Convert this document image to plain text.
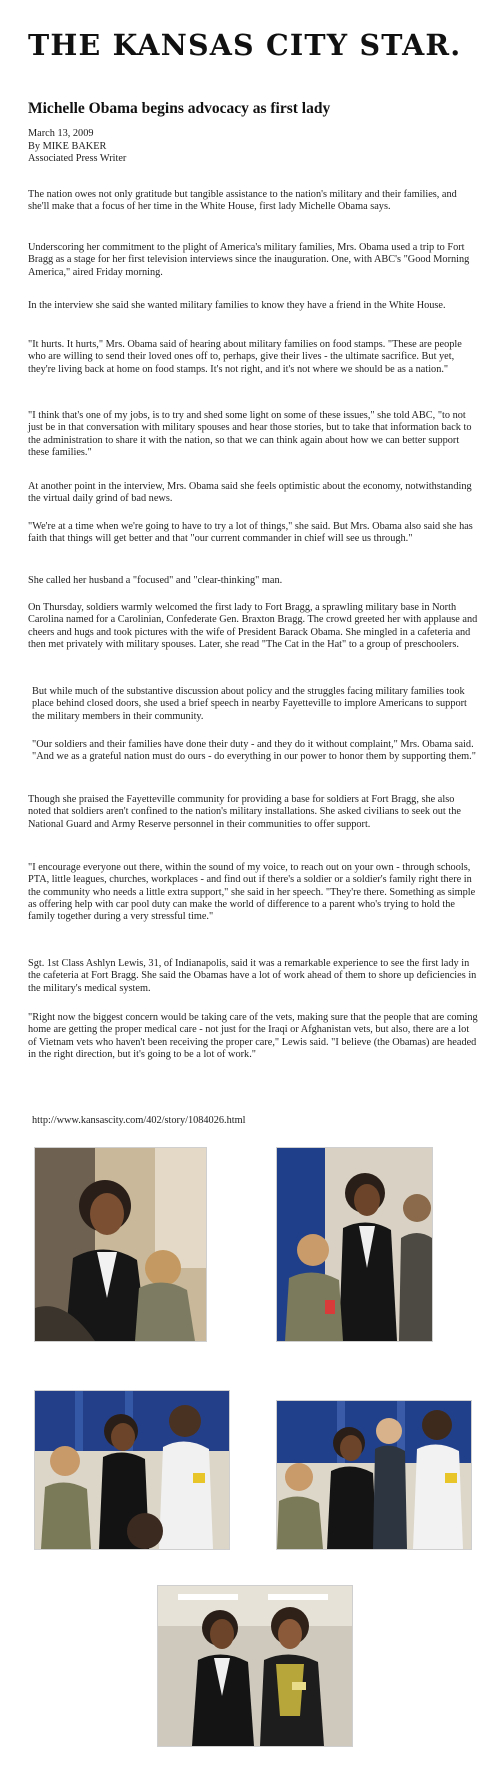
THE KANSAS CITY STAR.
Michelle Obama begins advocacy as first lady
March 13, 2009
By MIKE BAKER
Associated Press Writer

The nation owes not only gratitude but tangible assistance to the nation's military and their families, and she'll make that a focus of her time in the White House, first lady Michelle Obama says.

Underscoring her commitment to the plight of America's military families, Mrs. Obama used a trip to Fort Bragg as a stage for her first television interviews since the inauguration. One, with ABC's "Good Morning America," aired Friday morning.

In the interview she said she wanted military families to know they have a friend in the White House.

"It hurts. It hurts," Mrs. Obama said of hearing about military families on food stamps. "These are people who are willing to send their loved ones off to, perhaps, give their lives - the ultimate sacrifice. But yet, they're living back at home on food stamps. It's not right, and it's not where we should be as a nation."

"I think that's one of my jobs, is to try and shed some light on some of these issues," she told ABC, "to not just be in that conversation with military spouses and hear those stories, but to take that information back to the administration to share it with the nation, so that we can think again about how we can better support these families."

At another point in the interview, Mrs. Obama said she feels optimistic about the economy, notwithstanding the virtual daily grind of bad news.

"We're at a time when we're going to have to try a lot of things," she said. But Mrs. Obama also said she has faith that things will get better and that "our current commander in chief will see us through."

She called her husband a "focused" and "clear-thinking" man.

On Thursday, soldiers warmly welcomed the first lady to Fort Bragg, a sprawling military base in North Carolina named for a Carolinian, Confederate Gen. Braxton Bragg. The crowd greeted her with applause and cheers and hugs and took pictures with the wife of President Barack Obama. She mingled in a cafeteria and then met privately with military spouses. Later, she read "The Cat in the Hat" to a group of preschoolers.

But while much of the substantive discussion about policy and the struggles facing military families took place behind closed doors, she used a brief speech in nearby Fayetteville to implore Americans to support the military members in their community.

"Our soldiers and their families have done their duty - and they do it without complaint," Mrs. Obama said. "And we as a grateful nation must do ours - do everything in our power to honor them by supporting them."

Though she praised the Fayetteville community for providing a base for soldiers at Fort Bragg, she also noted that soldiers aren't confined to the nation's military installations. She asked civilians to seek out the National Guard and Army Reserve personnel in their communities to offer support.

"I encourage everyone out there, within the sound of my voice, to reach out on your own - through schools, PTA, little leagues, churches, workplaces - and find out if there's a soldier or a soldier's family right there in the community who needs a little extra support," she said in her speech. "They're there. Something as simple as offering help with car pool duty can make the world of difference to a parent who's trying to hold the family together during a very stressful time."

Sgt. 1st Class Ashlyn Lewis, 31, of Indianapolis, said it was a remarkable experience to see the first lady in the cafeteria at Fort Bragg. She said the Obamas have a lot of work ahead of them to shore up deficiencies in the military's medical system.

"Right now the biggest concern would be taking care of the vets, making sure that the people that are coming home are getting the proper medical care - not just for the Iraqi or Afghanistan vets, but also, there are a lot of Vietnam vets who haven't been receiving the proper care," Lewis said. "I believe (the Obamas) are headed in the right direction, but it's going to be a lot of work."

http://www.kansascity.com/402/story/1084026.html
